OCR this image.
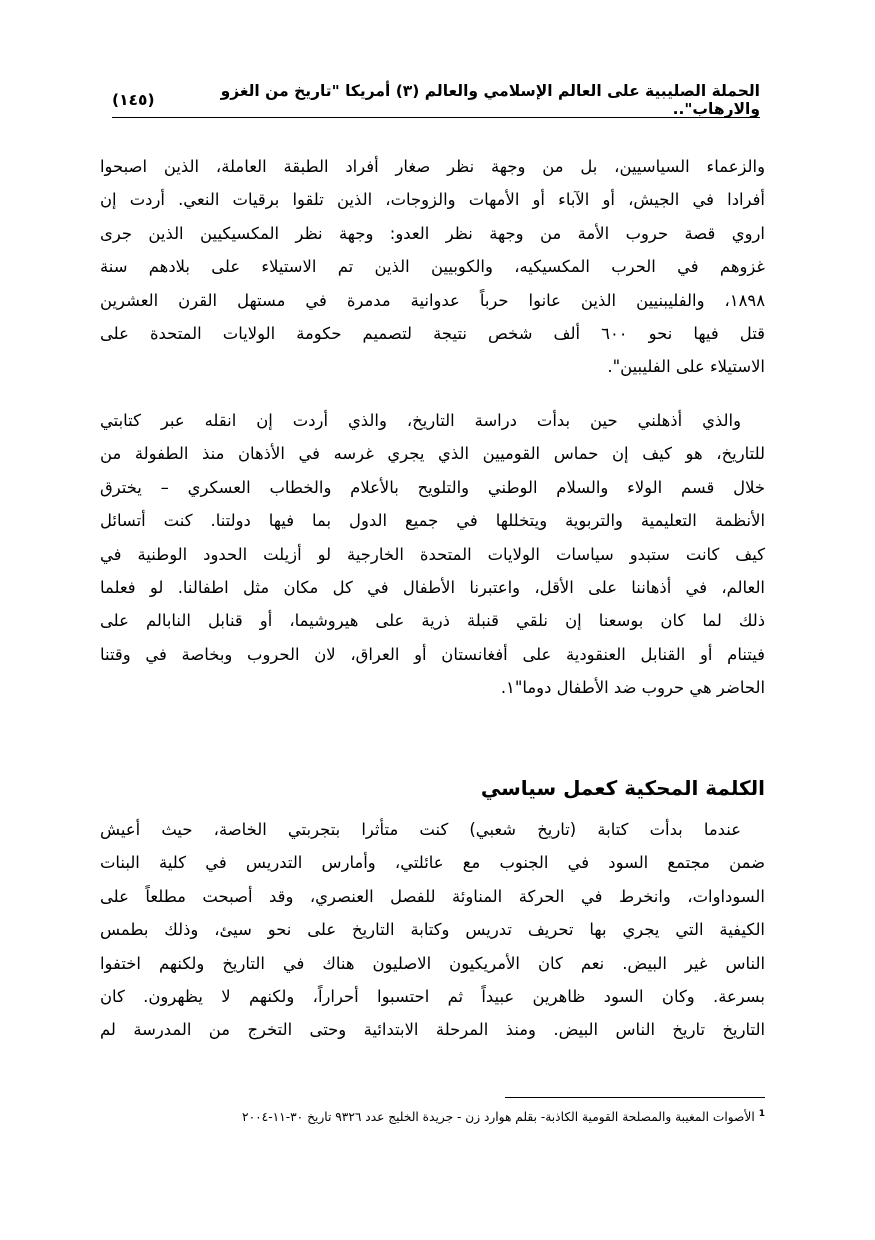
الحملة الصليبية على العالم الإسلامي والعالم (٣) أمريكا "تاريخ من الغزو والارهاب"..
(١٤٥)

والزعماء السياسيين، بل من وجهة نظر صغار أفراد الطبقة العاملة، الذين اصبحوا

أفرادا في الجيش، أو الآباء أو الأمهات والزوجات، الذين تلقوا برقيات النعي. أردت إن

اروي قصة حروب الأمة من وجهة نظر العدو: وجهة نظر المكسيكيين الذين جرى

غزوهم في الحرب المكسيكيه، والكوبيين الذين تم الاستيلاء على بلادهم سنة

١٨٩٨، والفليبنيين الذين عانوا حرباً عدوانية مدمرة في مستهل القرن العشرين

قتل فيها نحو ٦٠٠ ألف شخص نتيجة لتصميم حكومة الولايات المتحدة على

الاستيلاء على الفليبين".

والذي أذهلني حين بدأت دراسة التاريخ، والذي أردت إن انقله عبر كتابتي

للتاريخ، هو كيف إن حماس القوميين الذي يجري غرسه في الأذهان منذ الطفولة من

خلال قسم الولاء والسلام الوطني والتلويح بالأعلام والخطاب العسكري – يخترق

الأنظمة التعليمية والتربوية ويتخللها في جميع الدول بما فيها دولتنا. كنت أتسائل

كيف كانت ستبدو سياسات الولايات المتحدة الخارجية لو أزيلت الحدود الوطنية في

العالم، في أذهاننا على الأقل، واعتبرنا الأطفال في كل مكان مثل اطفالنا. لو فعلما

ذلك لما كان بوسعنا إن نلقي قنبلة ذرية على هيروشيما، أو قنابل النابالم على

فيتنام أو القنابل العنقودية على أفغانستان أو العراق، لان الحروب وبخاصة في وقتنا

الحاضر هي حروب ضد الأطفال دوما"١.

الكلمة المحكية كعمل سياسي

عندما بدأت كتابة (تاريخ شعبي) كنت متأثرا بتجربتي الخاصة، حيث أعيش

ضمن مجتمع السود في الجنوب مع عائلتي، وأمارس التدريس في كلية البنات

السوداوات، وانخرط في الحركة المناوئة للفصل العنصري، وقد أصبحت مطلعاً على

الكيفية التي يجري بها تحريف تدريس وكتابة التاريخ على نحو سيئ، وذلك بطمس

الناس غير البيض. نعم كان الأمريكيون الاصليون هناك في التاريخ ولكنهم اختفوا

بسرعة. وكان السود ظاهرين عبيداً ثم احتسبوا أحراراً، ولكنهم لا يظهرون. كان

التاريخ تاريخ الناس البيض. ومنذ المرحلة الابتدائية وحتى التخرج من المدرسة لم

$^1$الأصوات المغيبة والمصلحة القومية الكاذبة- بقلم هوارد زن - جريدة الخليج عدد ٩٣٢٦ تاريخ ٣٠-١١-٢٠٠٤
